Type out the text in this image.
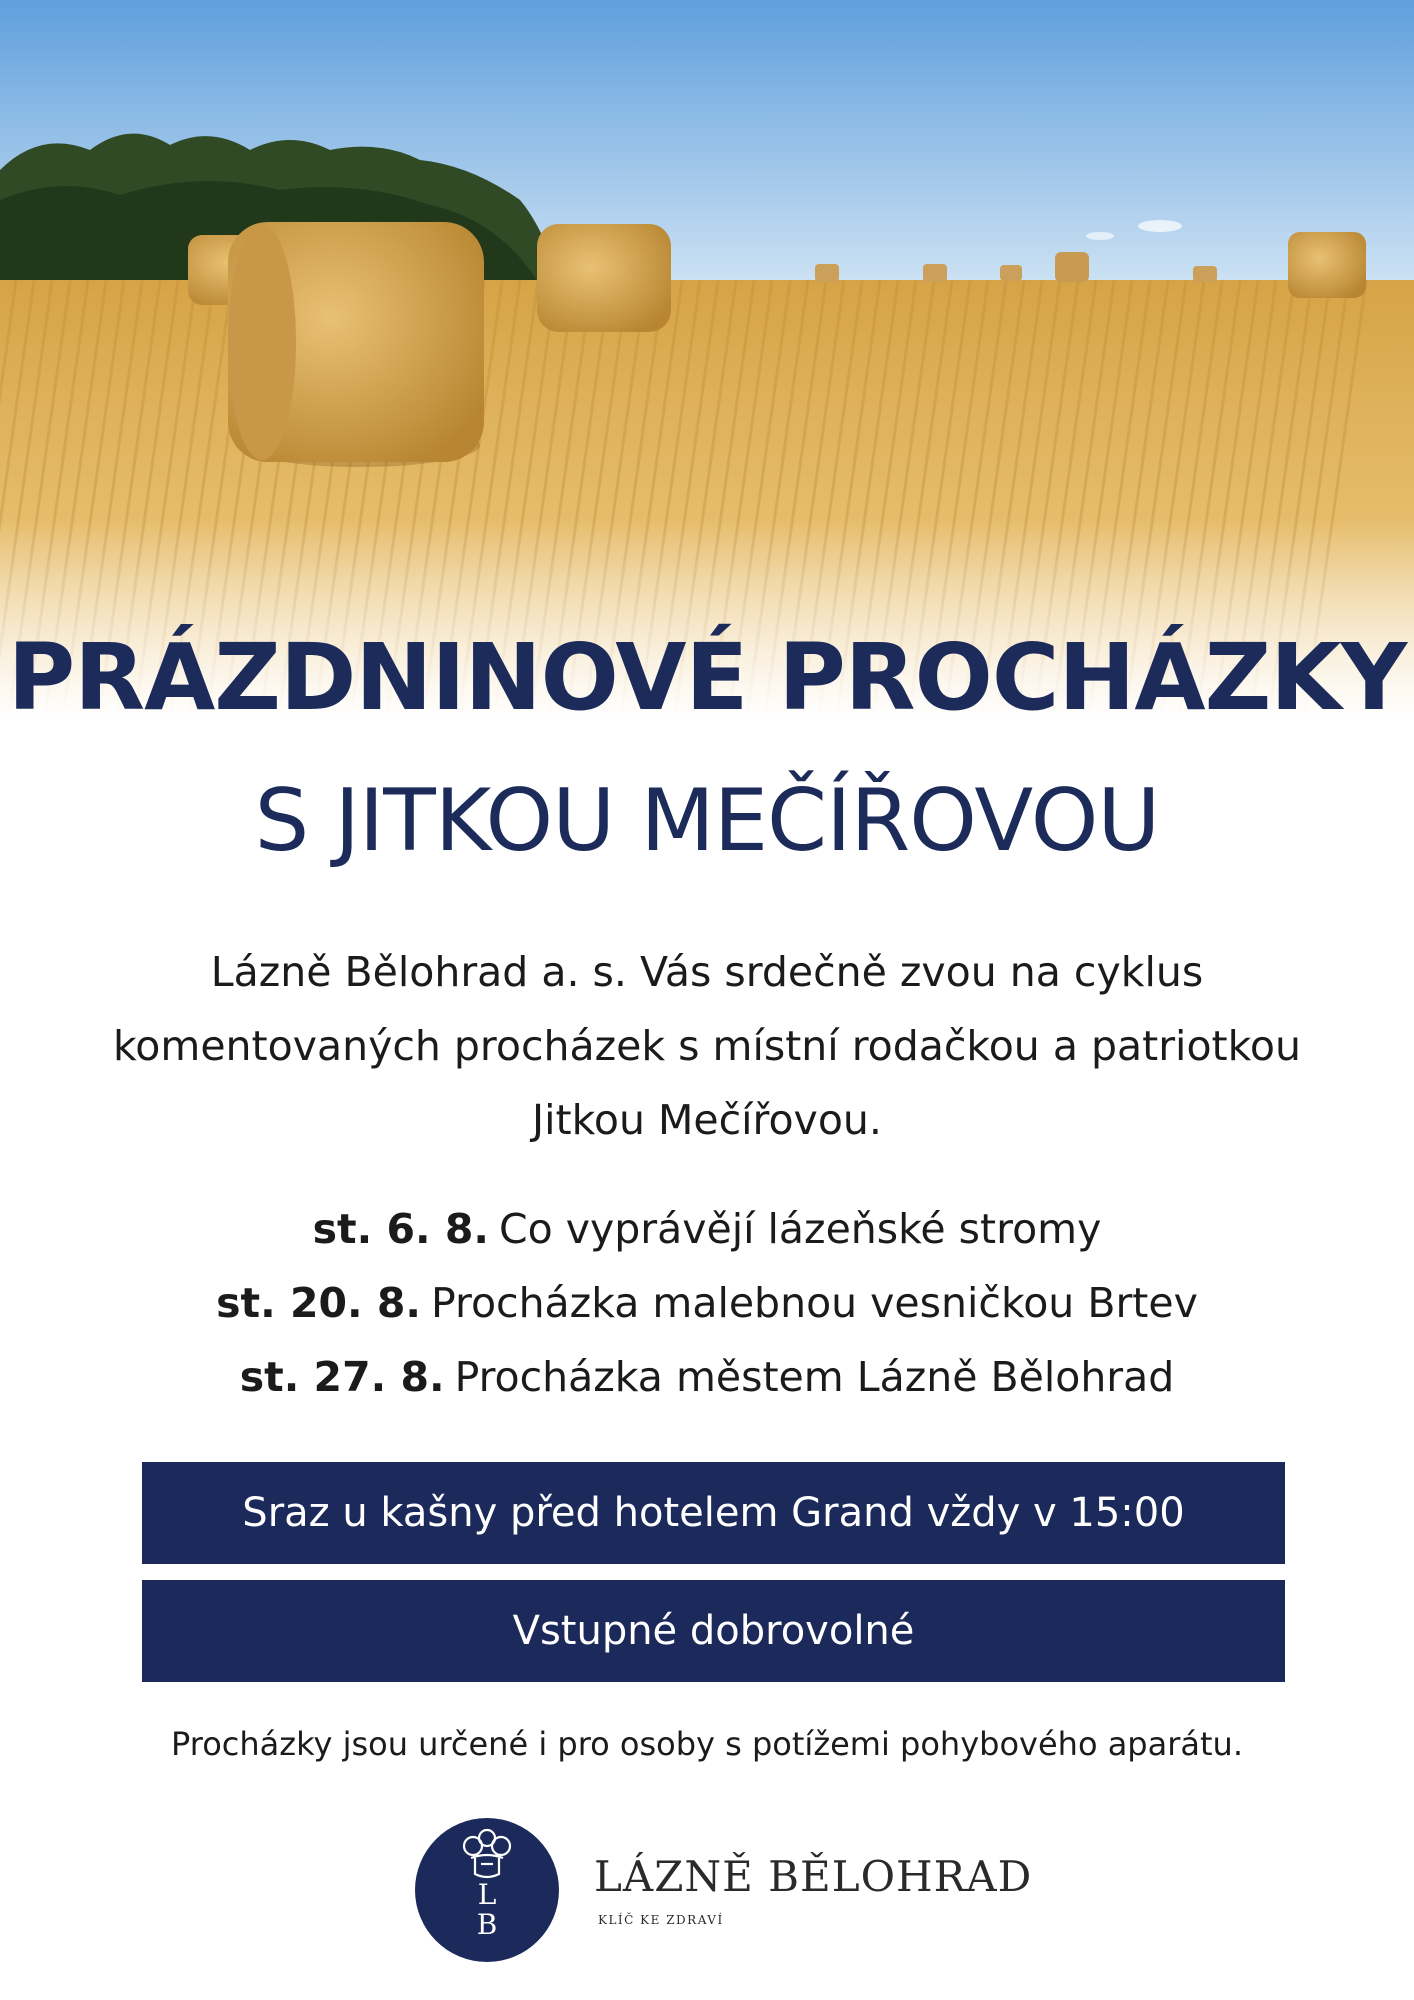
PRÁZDNINOVÉ PROCHÁZKY
S JITKOU MEČÍŘOVOU
Lázně Bělohrad a. s. Vás srdečně zvou na cyklus
komentovaných procházek s místní rodačkou a patriotkou
Jitkou Mečířovou.
st. 6. 8. Co vyprávějí lázeňské stromy
st. 20. 8. Procházka malebnou vesničkou Brtev
st. 27. 8. Procházka městem Lázně Bělohrad
Sraz u kašny před hotelem Grand vždy v 15:00
Vstupné dobrovolné
Procházky jsou určené i pro osoby s potížemi pohybového aparátu.
L B
LÁZNĚ BĚLOHRAD
KLÍČ KE ZDRAVÍ
